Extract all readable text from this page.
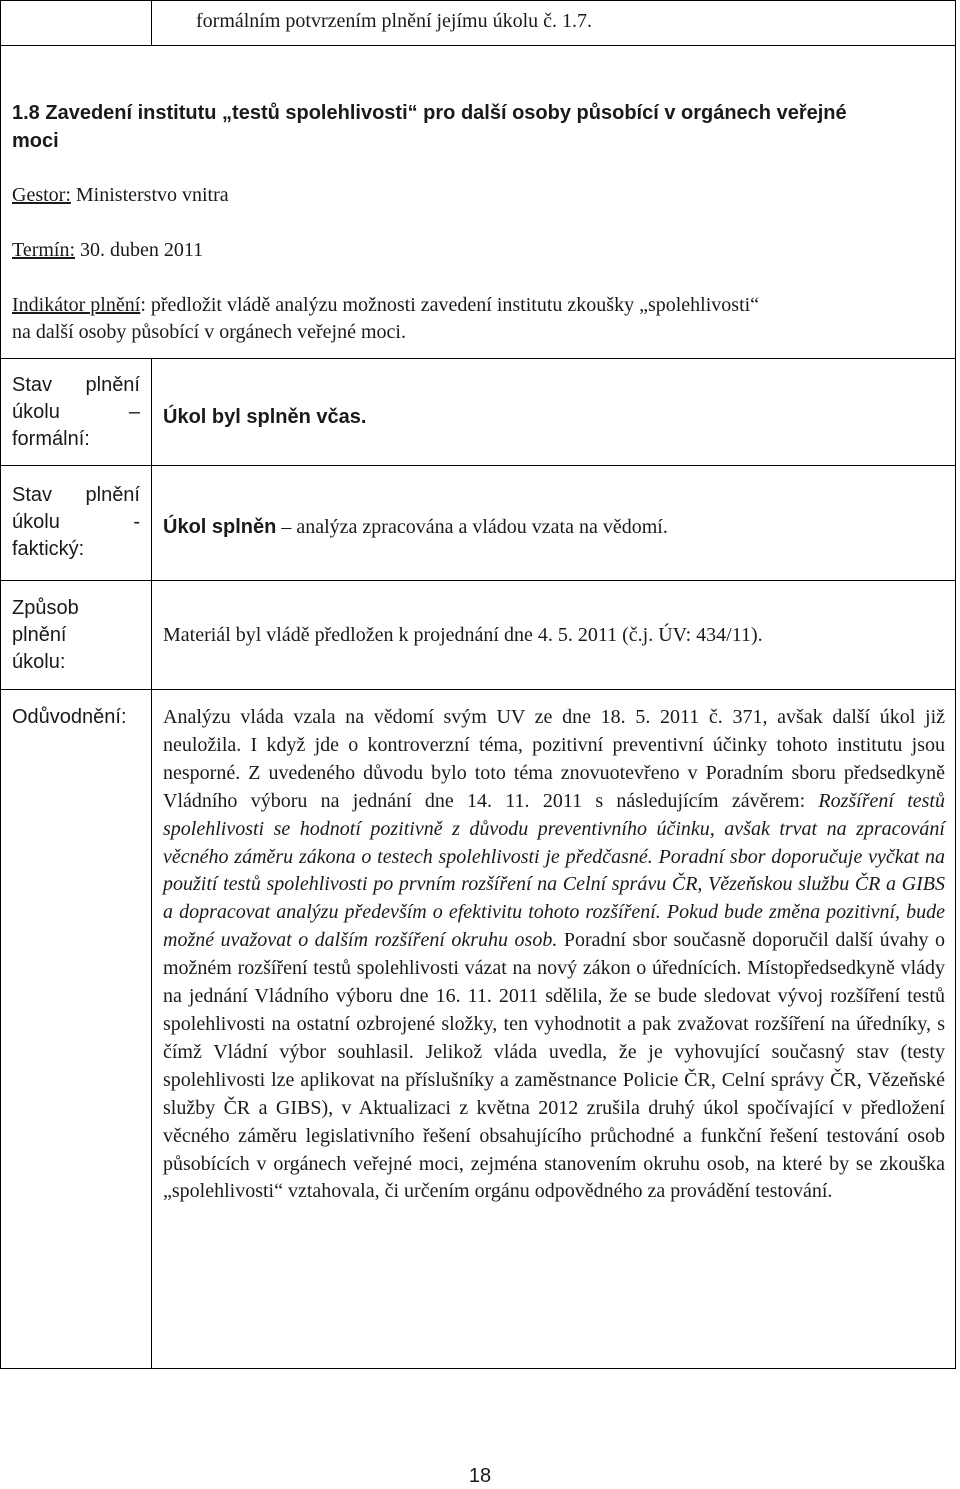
formálním potvrzením plnění jejímu úkolu č. 1.7.
1.8 Zavedení institutu „testů spolehlivosti“ pro další osoby působící v orgánech veřejné
moci
Gestor: Ministerstvo vnitra
Termín: 30. duben 2011
Indikátor plnění: předložit vládě analýzu možnosti zavedení institutu zkoušky „spolehlivosti“
na další osoby působící v orgánech veřejné moci.
Stav plnění
úkolu –
formální:
Úkol byl splněn včas.
Stav plnění
úkolu -
faktický:
Úkol splněn – analýza zpracována a vládou vzata na vědomí.
Způsob
plnění
úkolu:
Materiál byl vládě předložen k projednání dne 4. 5. 2011 (č.j. ÚV: 434/11).
Odůvodnění: Analýzu vláda vzala na vědomí svým UV ze dne 18. 5. 2011 č. 371, avšak další úkol již neuložila. I když jde o kontroverzní téma, pozitivní preventivní účinky tohoto institutu jsou nesporné. Z uvedeného důvodu bylo toto téma znovuotevřeno v Poradním sboru předsedkyně Vládního výboru na jednání dne 14. 11. 2011 s následujícím závěrem: Rozšíření testů spolehlivosti se hodnotí pozitivně z důvodu preventivního účinku, avšak trvat na zpracování věcného záměru zákona o testech spolehlivosti je předčasné. Poradní sbor doporučuje vyčkat na použití testů spolehlivosti po prvním rozšíření na Celní správu ČR, Vězeňskou službu ČR a GIBS a dopracovat analýzu především o efektivitu tohoto rozšíření. Pokud bude změna pozitivní, bude možné uvažovat o dalším rozšíření okruhu osob. Poradní sbor současně doporučil další úvahy o možném rozšíření testů spolehlivosti vázat na nový zákon o úřednících. Místopředsedkyně vlády na jednání Vládního výboru dne 16. 11. 2011 sdělila, že se bude sledovat vývoj rozšíření testů spolehlivosti na ostatní ozbrojené složky, ten vyhodnotit a pak zvažovat rozšíření na úředníky, s čímž Vládní výbor souhlasil. Jelikož vláda uvedla, že je vyhovující současný stav (testy spolehlivosti lze aplikovat na příslušníky a zaměstnance Policie ČR, Celní správy ČR, Vězeňské služby ČR a GIBS), v Aktualizaci z května 2012 zrušila druhý úkol spočívající v předložení věcného záměru legislativního řešení obsahujícího průchodné a funkční řešení testování osob působících v orgánech veřejné moci, zejména stanovením okruhu osob, na které by se zkouška „spolehlivosti“ vztahovala, či určením orgánu odpovědného za provádění testování.

18
